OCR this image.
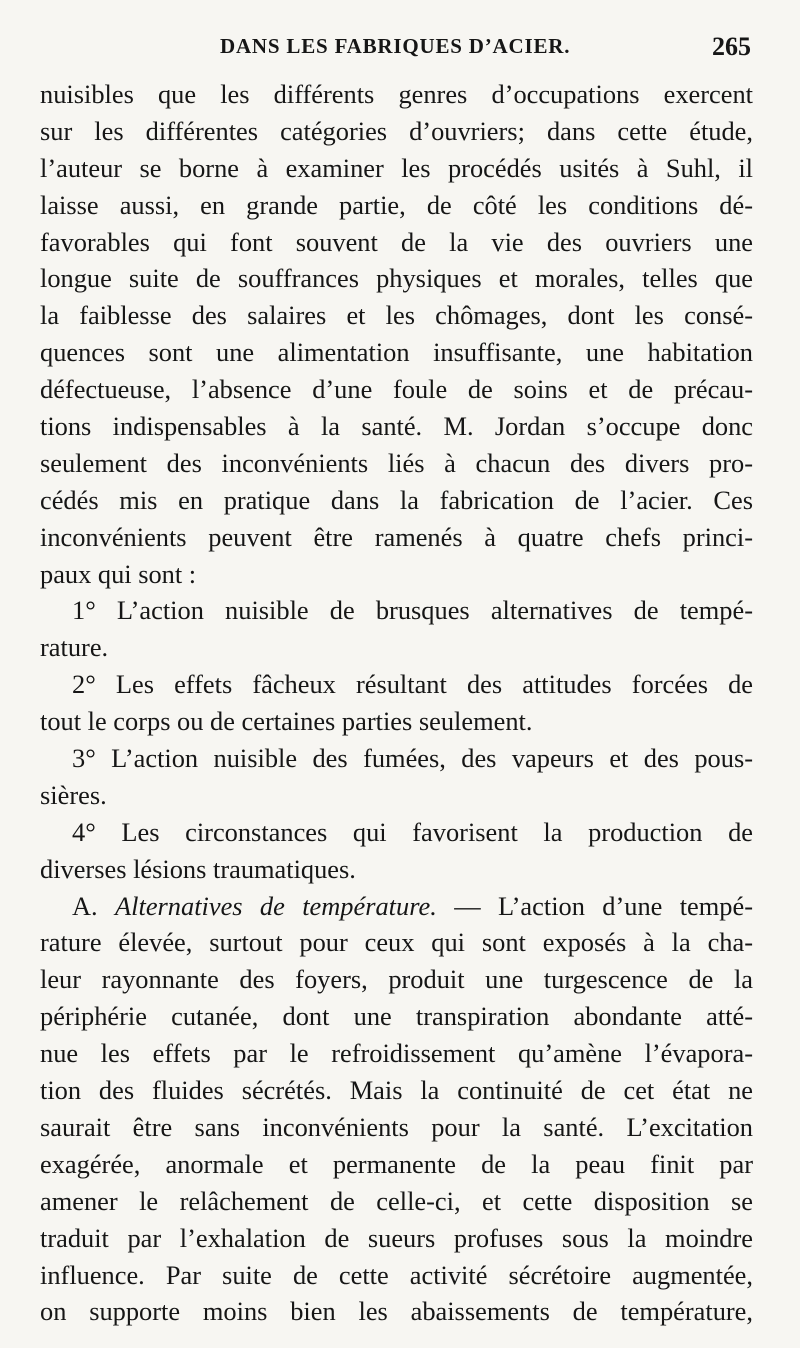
DANS LES FABRIQUES D’ACIER.	265
nuisibles que les différents genres d’occupations exercent
sur les différentes catégories d’ouvriers; dans cette étude,
l’auteur se borne à examiner les procédés usités à Suhl, il
laisse aussi, en grande partie, de côté les conditions dé-
favorables qui font souvent de la vie des ouvriers une
longue suite de souffrances physiques et morales, telles que
la faiblesse des salaires et les chômages, dont les consé-
quences sont une alimentation insuffisante, une habitation
défectueuse, l’absence d’une foule de soins et de précau-
tions indispensables à la santé. M. Jordan s’occupe donc
seulement des inconvénients liés à chacun des divers pro-
cédés mis en pratique dans la fabrication de l’acier. Ces
inconvénients peuvent être ramenés à quatre chefs princi-
paux qui sont :
1° L’action nuisible de brusques alternatives de tempé-
rature.
2° Les effets fâcheux résultant des attitudes forcées de
tout le corps ou de certaines parties seulement.
3° L’action nuisible des fumées, des vapeurs et des pous-
sières.
4° Les circonstances qui favorisent la production de
diverses lésions traumatiques.
A. Alternatives de température. — L’action d’une tempé-
rature élevée, surtout pour ceux qui sont exposés à la cha-
leur rayonnante des foyers, produit une turgescence de la
périphérie cutanée, dont une transpiration abondante atté-
nue les effets par le refroidissement qu’amène l’évapora-
tion des fluides sécrétés. Mais la continuité de cet état ne
saurait être sans inconvénients pour la santé. L’excitation
exagérée, anormale et permanente de la peau finit par
amener le relâchement de celle-ci, et cette disposition se
traduit par l’exhalation de sueurs profuses sous la moindre
influence. Par suite de cette activité sécrétoire augmentée,
on supporte moins bien les abaissements de température,
